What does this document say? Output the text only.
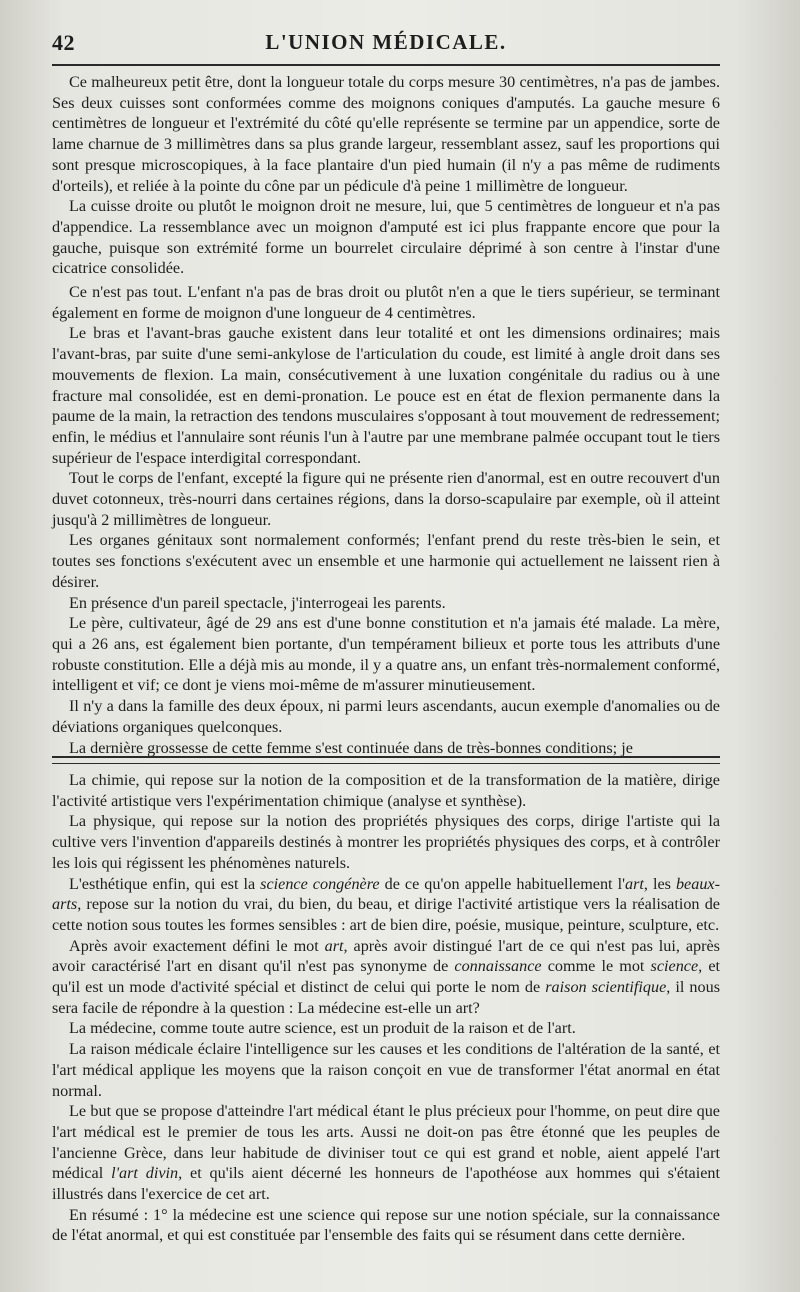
42	L'UNION MÉDICALE.

Ce malheureux petit être, dont la longueur totale du corps mesure 30 centimètres, n'a pas de jambes. Ses deux cuisses sont conformées comme des moignons coniques d'amputés. La gauche mesure 6 centimètres de longueur et l'extrémité du côté qu'elle représente se termine par un appendice, sorte de lame charnue de 3 millimètres dans sa plus grande largeur, ressemblant assez, sauf les proportions qui sont presque microscopiques, à la face plantaire d'un pied humain (il n'y a pas même de rudiments d'orteils), et reliée à la pointe du cône par un pédicule d'à peine 1 millimètre de longueur.

La cuisse droite ou plutôt le moignon droit ne mesure, lui, que 5 centimètres de longueur et n'a pas d'appendice. La ressemblance avec un moignon d'amputé est ici plus frappante encore que pour la gauche, puisque son extrémité forme un bourrelet circulaire déprimé à son centre à l'instar d'une cicatrice consolidée.

Ce n'est pas tout. L'enfant n'a pas de bras droit ou plutôt n'en a que le tiers supérieur, se terminant également en forme de moignon d'une longueur de 4 centimètres.

Le bras et l'avant-bras gauche existent dans leur totalité et ont les dimensions ordinaires; mais l'avant-bras, par suite d'une semi-ankylose de l'articulation du coude, est limité à angle droit dans ses mouvements de flexion. La main, consécutivement à une luxation congénitale du radius ou à une fracture mal consolidée, est en demi-pronation. Le pouce est en état de flexion permanente dans la paume de la main, la retraction des tendons musculaires s'opposant à tout mouvement de redressement; enfin, le médius et l'annulaire sont réunis l'un à l'autre par une membrane palmée occupant tout le tiers supérieur de l'espace interdigital correspondant.

Tout le corps de l'enfant, excepté la figure qui ne présente rien d'anormal, est en outre recouvert d'un duvet cotonneux, très-nourri dans certaines régions, dans la dorso-scapulaire par exemple, où il atteint jusqu'à 2 millimètres de longueur.

Les organes génitaux sont normalement conformés; l'enfant prend du reste très-bien le sein, et toutes ses fonctions s'exécutent avec un ensemble et une harmonie qui actuellement ne laissent rien à désirer.

En présence d'un pareil spectacle, j'interrogeai les parents.

Le père, cultivateur, âgé de 29 ans est d'une bonne constitution et n'a jamais été malade. La mère, qui a 26 ans, est également bien portante, d'un tempérament bilieux et porte tous les attributs d'une robuste constitution. Elle a déjà mis au monde, il y a quatre ans, un enfant très-normalement conformé, intelligent et vif; ce dont je viens moi-même de m'assurer minutieusement.

Il n'y a dans la famille des deux époux, ni parmi leurs ascendants, aucun exemple d'anomalies ou de déviations organiques quelconques.

La dernière grossesse de cette femme s'est continuée dans de très-bonnes conditions; je

La chimie, qui repose sur la notion de la composition et de la transformation de la matière, dirige l'activité artistique vers l'expérimentation chimique (analyse et synthèse).

La physique, qui repose sur la notion des propriétés physiques des corps, dirige l'artiste qui la cultive vers l'invention d'appareils destinés à montrer les propriétés physiques des corps, et à contrôler les lois qui régissent les phénomènes naturels.

L'esthétique enfin, qui est la science congénère de ce qu'on appelle habituellement l'art, les beaux-arts, repose sur la notion du vrai, du bien, du beau, et dirige l'activité artistique vers la réalisation de cette notion sous toutes les formes sensibles : art de bien dire, poésie, musique, peinture, sculpture, etc.

Après avoir exactement défini le mot art, après avoir distingué l'art de ce qui n'est pas lui, après avoir caractérisé l'art en disant qu'il n'est pas synonyme de connaissance comme le mot science, et qu'il est un mode d'activité spécial et distinct de celui qui porte le nom de raison scientifique, il nous sera facile de répondre à la question : La médecine est-elle un art?

La médecine, comme toute autre science, est un produit de la raison et de l'art.

La raison médicale éclaire l'intelligence sur les causes et les conditions de l'altération de la santé, et l'art médical applique les moyens que la raison conçoit en vue de transformer l'état anormal en état normal.

Le but que se propose d'atteindre l'art médical étant le plus précieux pour l'homme, on peut dire que l'art médical est le premier de tous les arts. Aussi ne doit-on pas être étonné que les peuples de l'ancienne Grèce, dans leur habitude de diviniser tout ce qui est grand et noble, aient appelé l'art médical l'art divin, et qu'ils aient décerné les honneurs de l'apothéose aux hommes qui s'étaient illustrés dans l'exercice de cet art.

En résumé : 1° la médecine est une science qui repose sur une notion spéciale, sur la connaissance de l'état anormal, et qui est constituée par l'ensemble des faits qui se résument dans cette dernière.
